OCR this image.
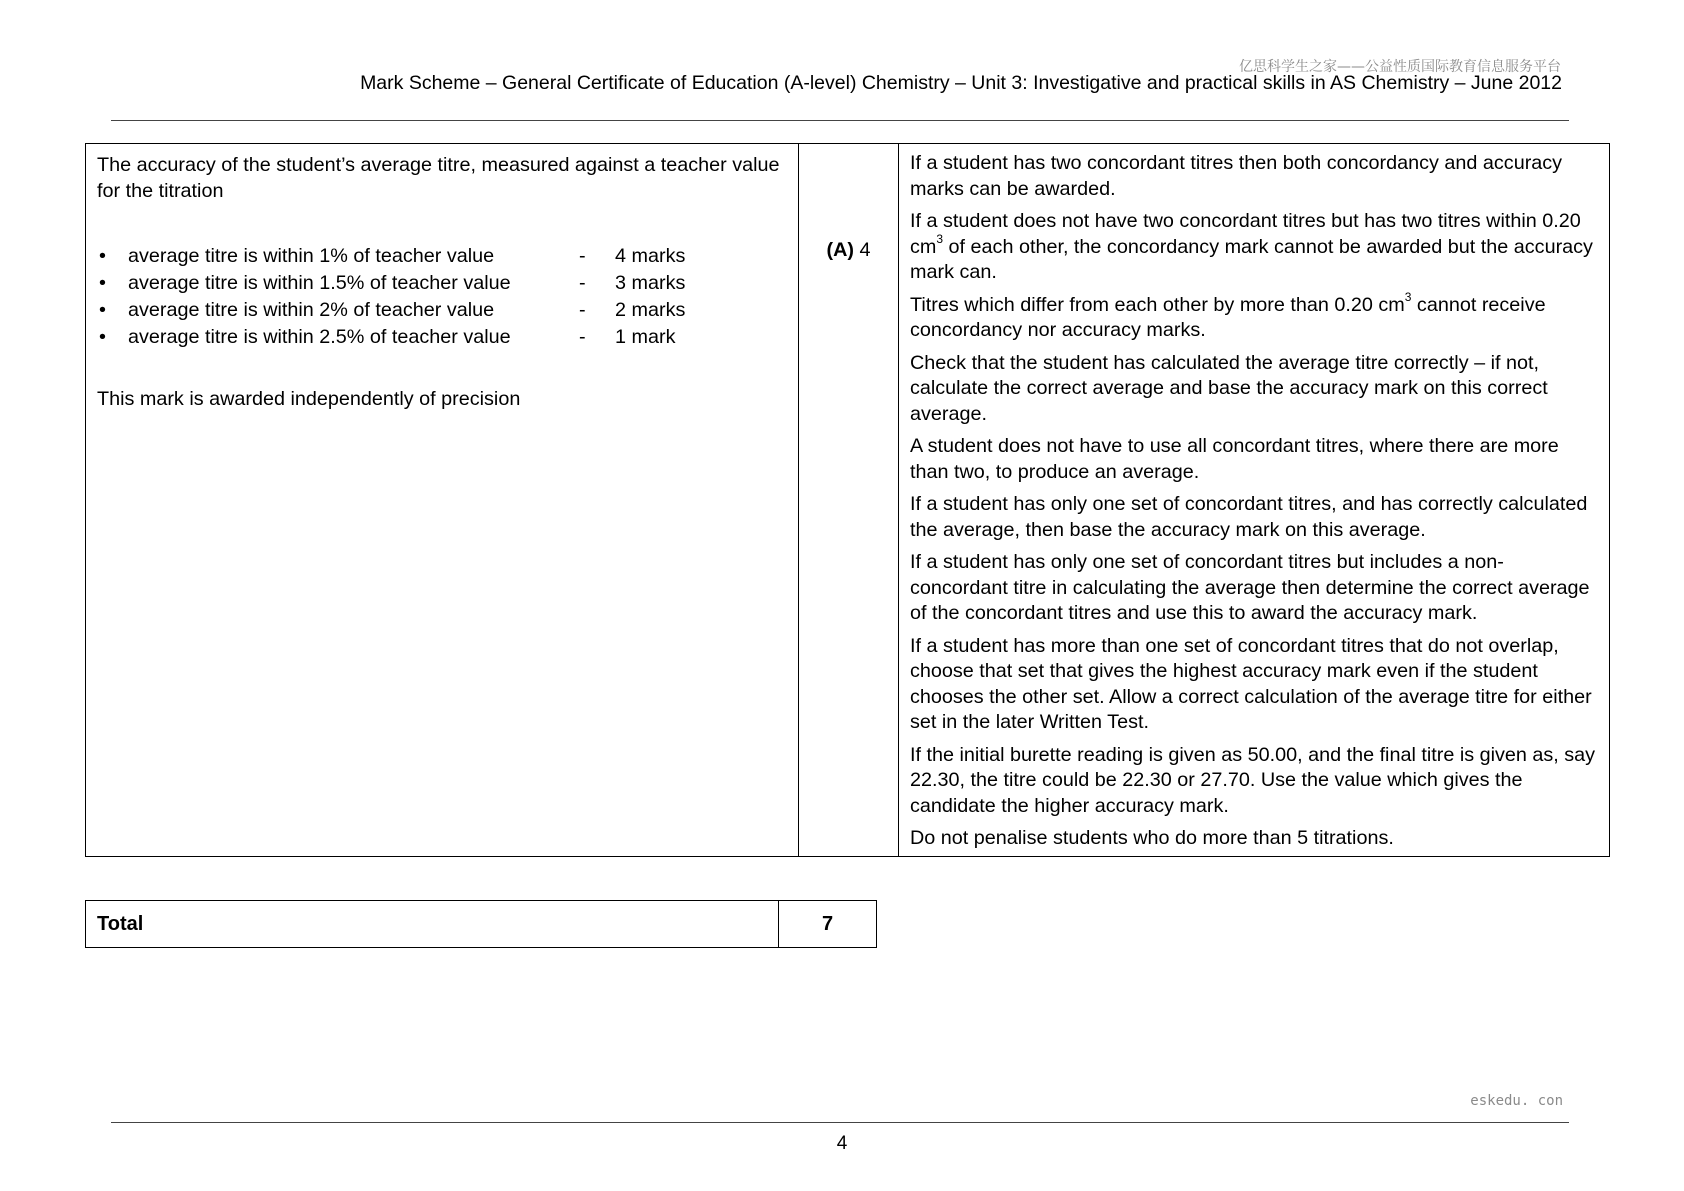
亿思科学生之家——公益性质国际教育信息服务平台
Mark Scheme – General Certificate of Education (A-level) Chemistry – Unit 3: Investigative and practical skills in AS Chemistry – June 2012

The accuracy of the student’s average titre, measured against a teacher value for the titration

•	average titre is within 1% of teacher value	-	4 marks
•	average titre is within 1.5% of teacher value	-	3 marks
•	average titre is within 2% of teacher value	-	2 marks
•	average titre is within 2.5% of teacher value	-	1 mark

This mark is awarded independently of precision

	(A) 4	

If a student has two concordant titres then both concordancy and accuracy marks can be awarded.

If a student does not have two concordant titres but has two titres within 0.20 $cm^3$ of each other, the concordancy mark cannot be awarded but the accuracy mark can.

Titres which differ from each other by more than 0.20 $cm^3$ cannot receive concordancy nor accuracy marks.

Check that the student has calculated the average titre correctly – if not, calculate the correct average and base the accuracy mark on this correct average.

A student does not have to use all concordant titres, where there are more than two, to produce an average.

If a student has only one set of concordant titres, and has correctly calculated the average, then base the accuracy mark on this average.

If a student has only one set of concordant titres but includes a non-concordant titre in calculating the average then determine the correct average of the concordant titres and use this to award the accuracy mark.

If a student has more than one set of concordant titres that do not overlap, choose that set that gives the highest accuracy mark even if the student chooses the other set. Allow a correct calculation of the average titre for either set in the later Written Test.

If the initial burette reading is given as 50.00, and the final titre is given as, say 22.30, the titre could be 22.30 or 27.70. Use the value which gives the candidate the higher accuracy mark.

Do not penalise students who do more than 5 titrations.

Total	7
eskedu. con
4
